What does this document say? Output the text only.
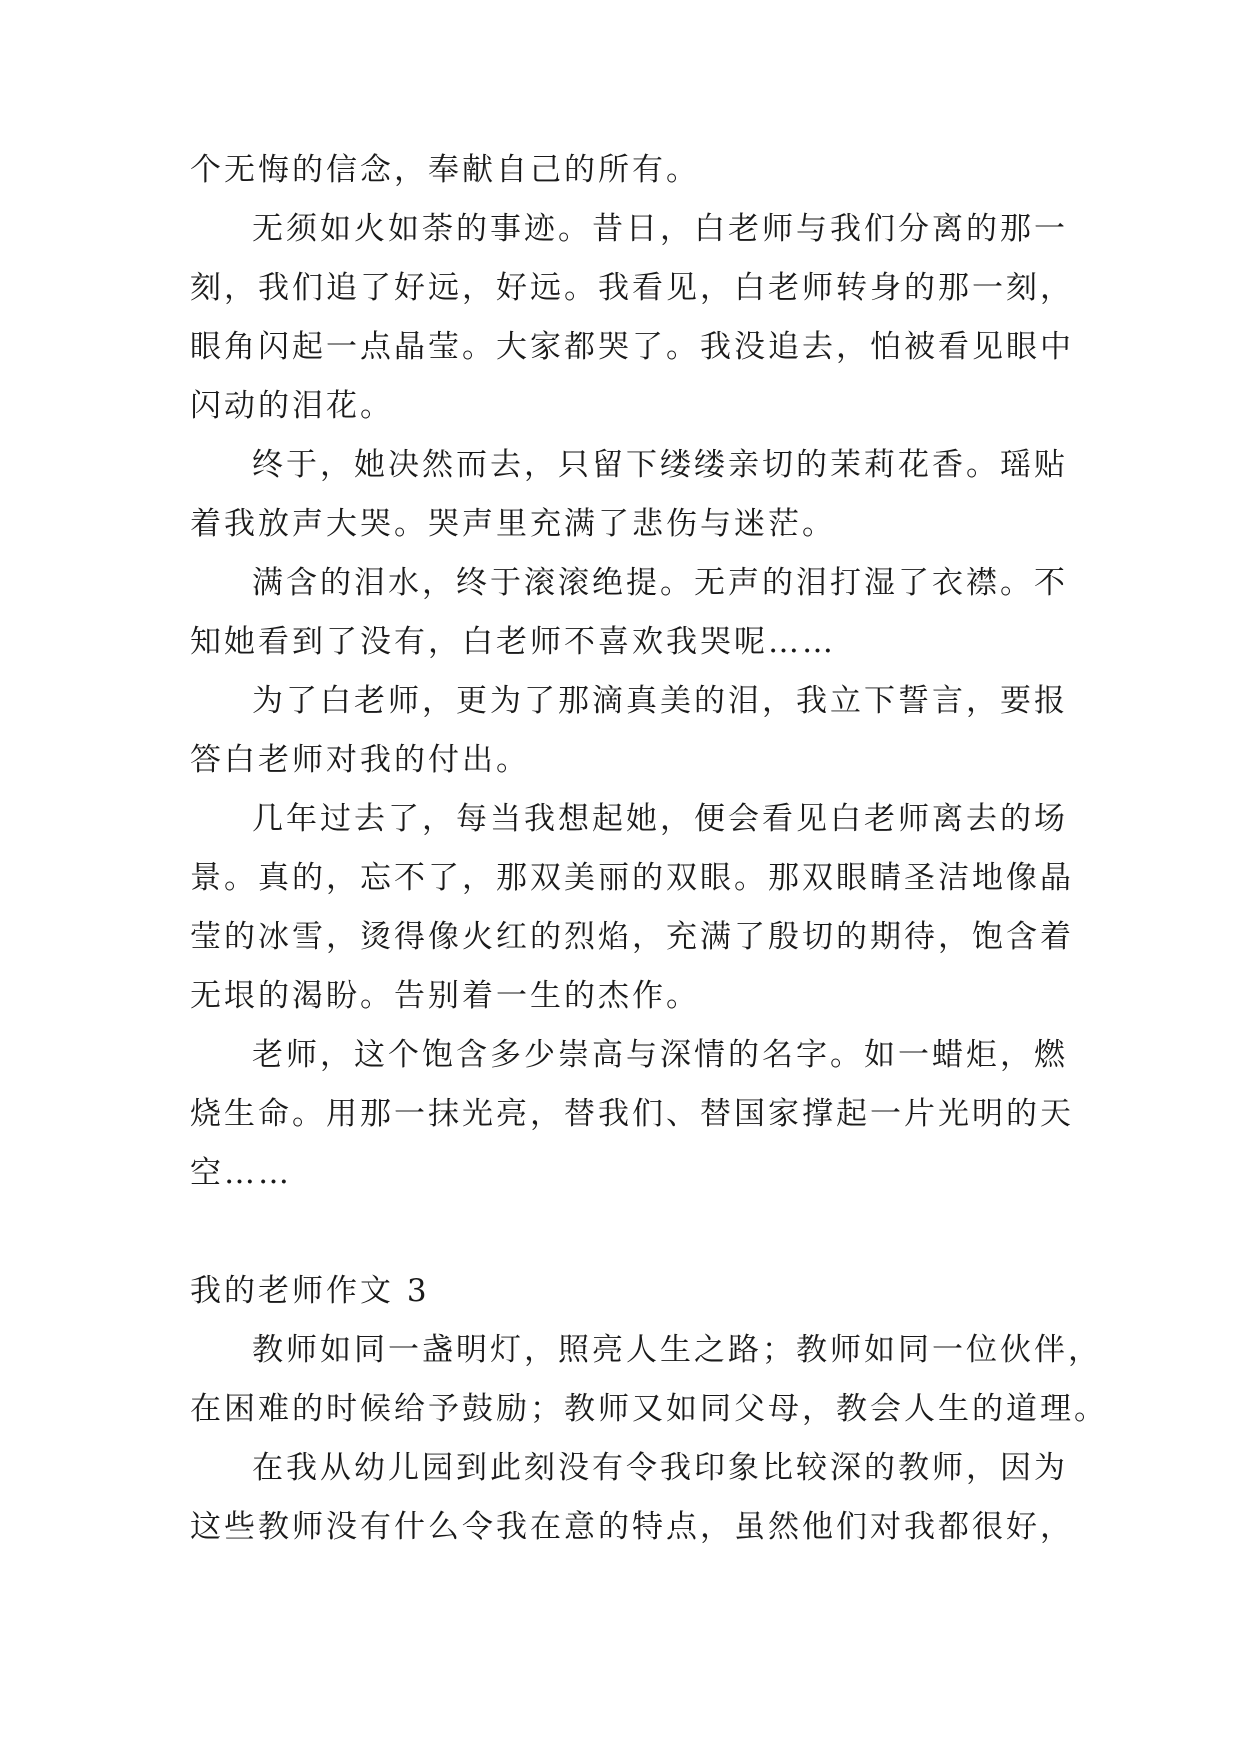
个无悔的信念，奉献自己的所有。
无须如火如荼的事迹。昔日，白老师与我们分离的那一
刻，我们追了好远，好远。我看见，白老师转身的那一刻，
眼角闪起一点晶莹。大家都哭了。我没追去，怕被看见眼中
闪动的泪花。
终于，她决然而去，只留下缕缕亲切的茉莉花香。瑶贴
着我放声大哭。哭声里充满了悲伤与迷茫。
满含的泪水，终于滚滚绝提。无声的泪打湿了衣襟。不
知她看到了没有，白老师不喜欢我哭呢……
为了白老师，更为了那滴真美的泪，我立下誓言，要报
答白老师对我的付出。
几年过去了，每当我想起她，便会看见白老师离去的场
景。真的，忘不了，那双美丽的双眼。那双眼睛圣洁地像晶
莹的冰雪，烫得像火红的烈焰，充满了殷切的期待，饱含着
无垠的渴盼。告别着一生的杰作。
老师，这个饱含多少崇高与深情的名字。如一蜡炬，燃
烧生命。用那一抹光亮，替我们、替国家撑起一片光明的天
空……
我的老师作文 3
教师如同一盏明灯，照亮人生之路；教师如同一位伙伴，
在困难的时候给予鼓励；教师又如同父母，教会人生的道理。
在我从幼儿园到此刻没有令我印象比较深的教师，因为
这些教师没有什么令我在意的特点，虽然他们对我都很好，
